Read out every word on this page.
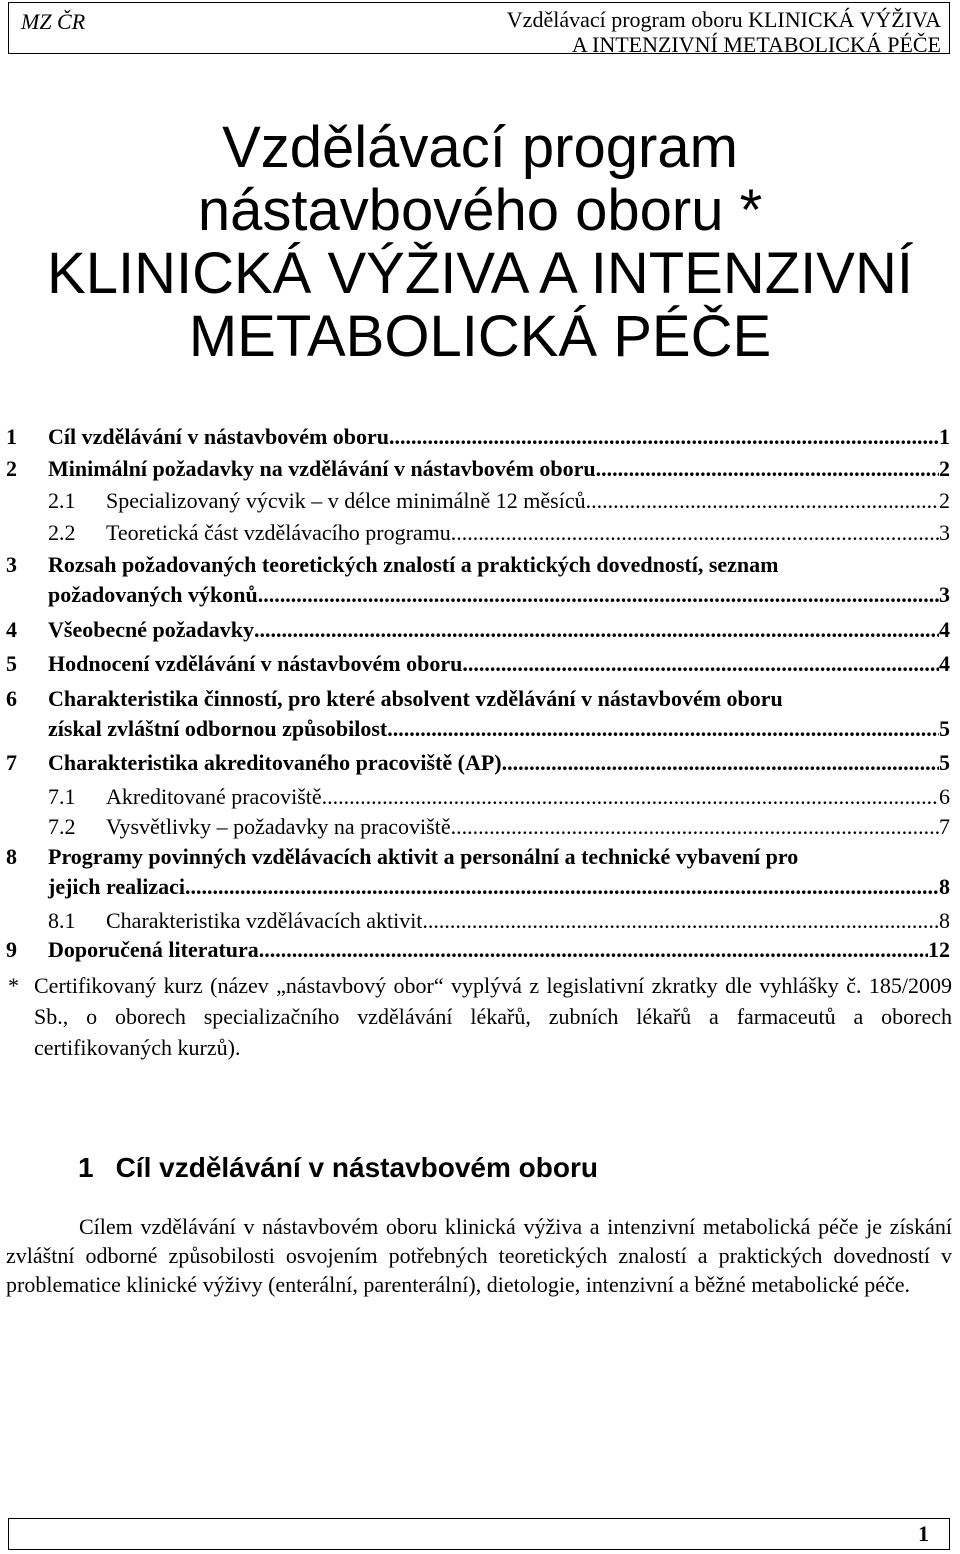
MZ ČR	Vzdělávací program oboru KLINICKÁ VÝŽIVA
A INTENZIVNÍ METABOLICKÁ PÉČE
Vzdělávací program
nástavbového oboru *
KLINICKÁ VÝŽIVA A INTENZIVNÍ
METABOLICKÁ PÉČE
1 Cíl vzdělávání v nástavbovém oboru .....	1
2 Minimální požadavky na vzdělávání v nástavbovém oboru .....	2
2.1 Specializovaný výcvik – v délce minimálně 12 měsíců .....	2
2.2 Teoretická část vzdělávacího programu .....	3
3 Rozsah požadovaných teoretických znalostí a praktických dovedností, seznam
požadovaných výkonů .....	3
4 Všeobecné požadavky .....	4
5 Hodnocení vzdělávání v nástavbovém oboru .....	4
6 Charakteristika činností, pro které absolvent vzdělávání v nástavbovém oboru
získal zvláštní odbornou způsobilost .....	5
7 Charakteristika akreditovaného pracoviště (AP) .....	5
7.1 Akreditované pracoviště .....	6
7.2 Vysvětlivky – požadavky na pracoviště .....	7
8 Programy povinných vzdělávacích aktivit a personální a technické vybavení pro
jejich realizaci .....	8
8.1 Charakteristika vzdělávacích aktivit .....	8
9 Doporučená literatura .....	12
* Certifikovaný kurz (název „nástavbový obor“ vyplývá z legislativní zkratky dle vyhlášky č. 185/2009 Sb., o oborech specializačního vzdělávání lékařů, zubních lékařů a farmaceutů a oborech certifikovaných kurzů).
1 Cíl vzdělávání v nástavbovém oboru
Cílem vzdělávání v nástavbovém oboru klinická výživa a intenzivní metabolická péče je získání zvláštní odborné způsobilosti osvojením potřebných teoretických znalostí a praktických dovedností v problematice klinické výživy (enterální, parenterální), dietologie, intenzivní a běžné metabolické péče.
1
